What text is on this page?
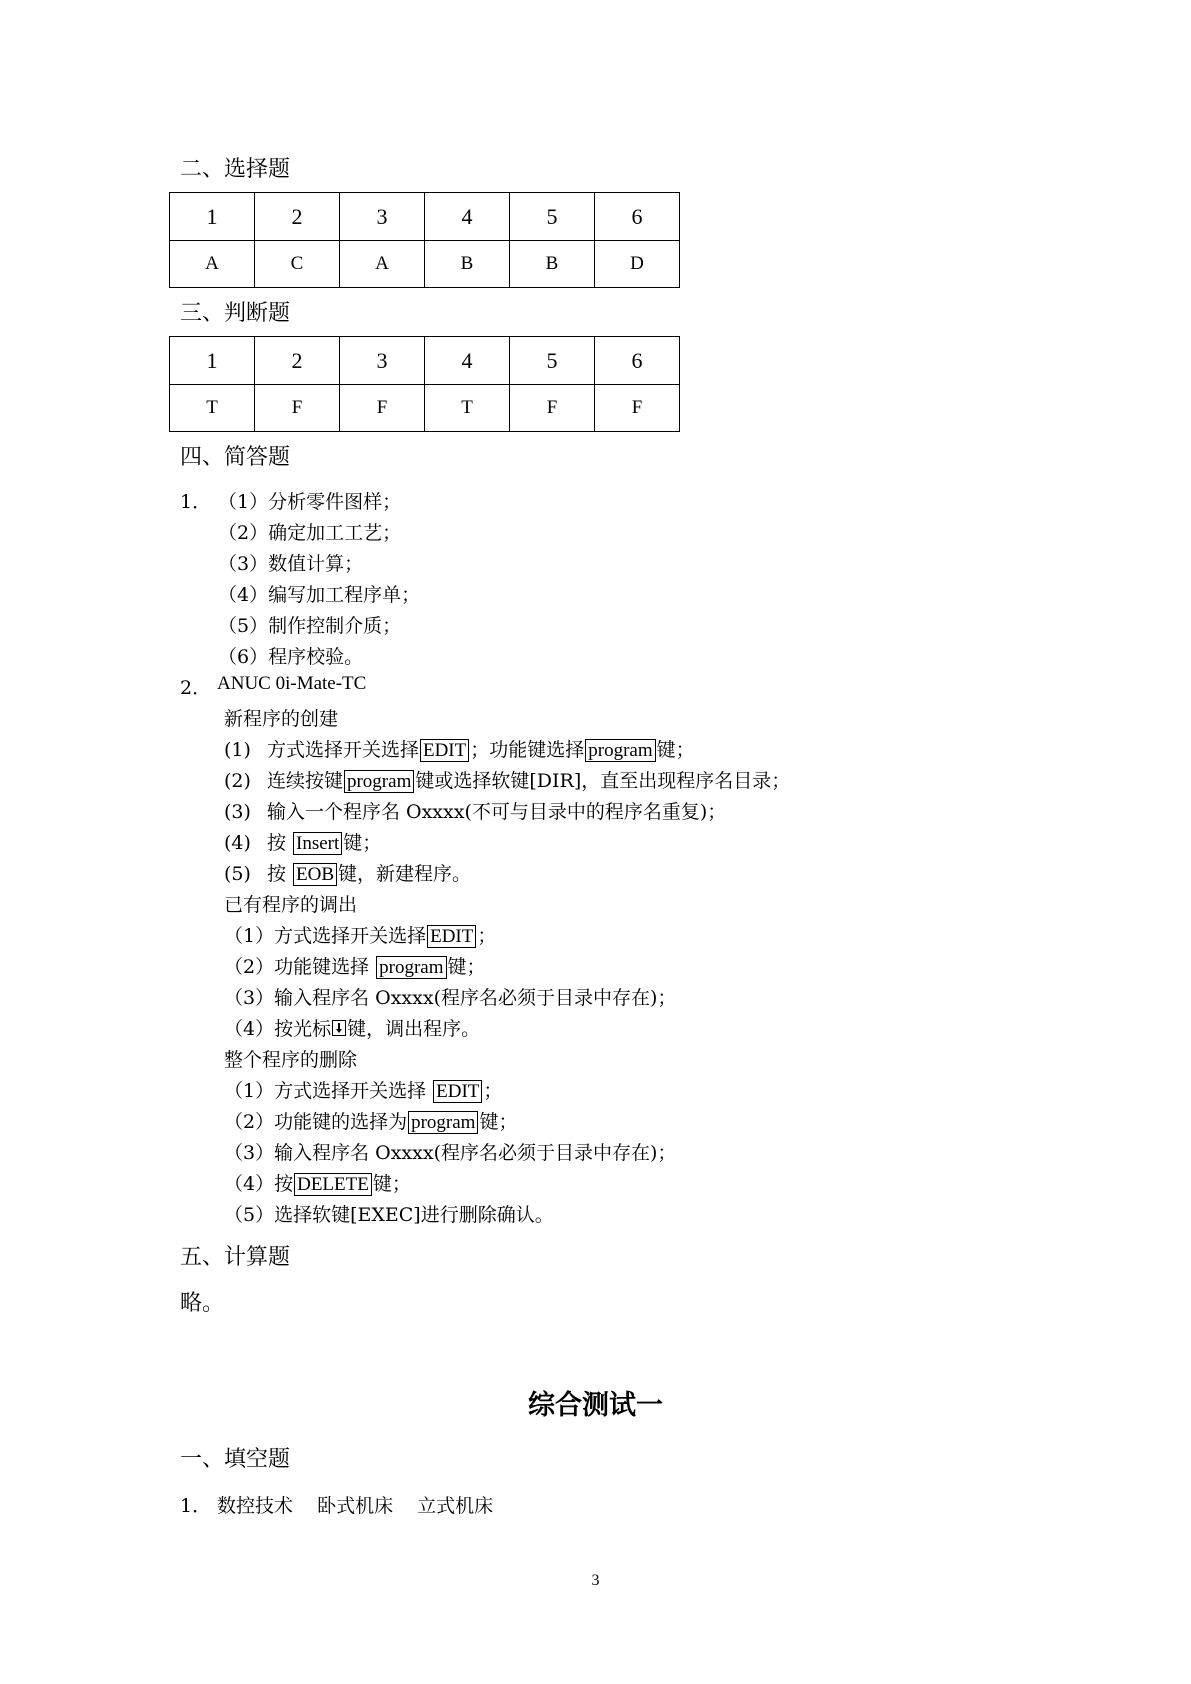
二、选择题
1	2	3	4	5	6
A	C	A	B	B	D
三、判断题
1	2	3	4	5	6
T	F	F	T	F	F
四、简答题
1． （1）分析零件图样；
（2）确定加工工艺；
（3）数值计算；
（4）编写加工程序单；
（5）制作控制介质；
（6）程序校验。
2． ANUC 0i-Mate-TC
新程序的创建
(1) 方式选择开关选择 EDIT ；功能键选择 program 键；
(2) 连续按键 program 键或选择软键[DIR]，直至出现程序名目录；
(3) 输入一个程序名 Oxxxx(不可与目录中的程序名重复)；
(4) 按 Insert 键；
(5) 按 EOB 键，新建程序。
已有程序的调出
（1）方式选择开关选择 EDIT ；
（2）功能键选择 program 键；
（3）输入程序名 Oxxxx(程序名必须于目录中存在)；
（4）按光标 键，调出程序。
整个程序的删除
（1）方式选择开关选择 EDIT ；
（2）功能键的选择为 program 键；
（3）输入程序名 Oxxxx(程序名必须于目录中存在)；
（4）按 DELETE 键；
（5）选择软键[EXEC]进行删除确认。
五、计算题
略。
综合测试一
一、填空题
1． 数控技术 卧式机床 立式机床
3
